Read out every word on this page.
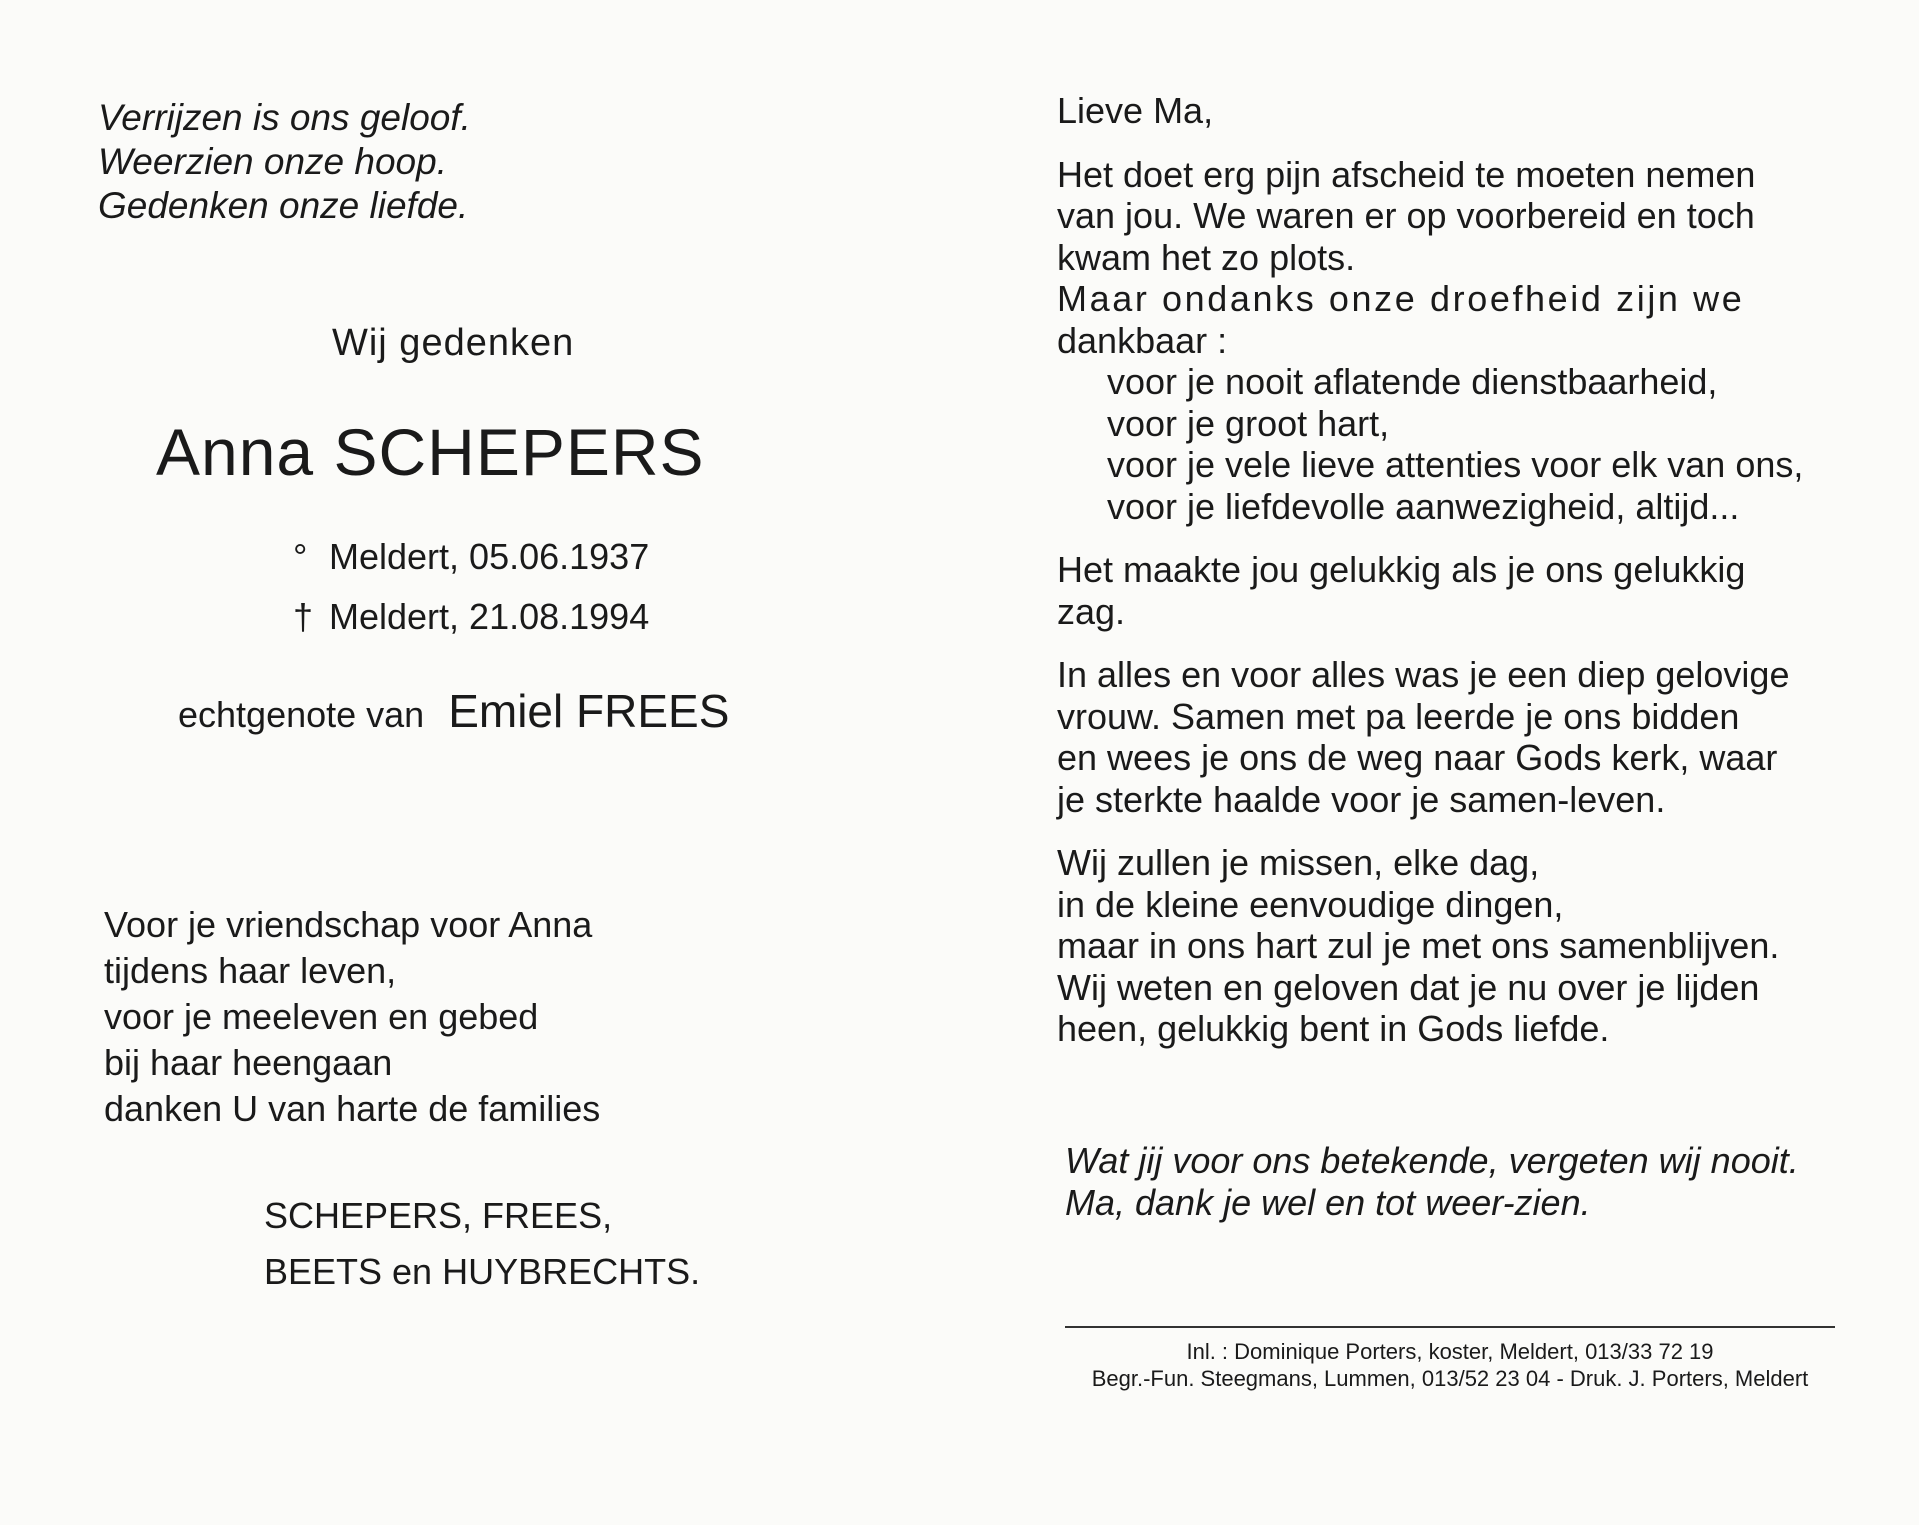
Verrijzen is ons geloof.
Weerzien onze hoop.
Gedenken onze liefde.
Wij gedenken
Anna SCHEPERS
° Meldert, 05.06.1937
† Meldert, 21.08.1994
echtgenote van Emiel FREES
Voor je vriendschap voor Anna
tijdens haar leven,
voor je meeleven en gebed
bij haar heengaan
danken U van harte de families
SCHEPERS, FREES,
BEETS en HUYBRECHTS.
Lieve Ma,
Het doet erg pijn afscheid te moeten nemen
van jou. We waren er op voorbereid en toch
kwam het zo plots.
Maar ondanks onze droefheid zijn we
dankbaar :
voor je nooit aflatende dienstbaarheid,
voor je groot hart,
voor je vele lieve attenties voor elk van ons,
voor je liefdevolle aanwezigheid, altijd...
Het maakte jou gelukkig als je ons gelukkig
zag.
In alles en voor alles was je een diep gelovige
vrouw. Samen met pa leerde je ons bidden
en wees je ons de weg naar Gods kerk, waar
je sterkte haalde voor je samen-leven.
Wij zullen je missen, elke dag,
in de kleine eenvoudige dingen,
maar in ons hart zul je met ons samenblijven.
Wij weten en geloven dat je nu over je lijden
heen, gelukkig bent in Gods liefde.
Wat jij voor ons betekende, vergeten wij nooit.
Ma, dank je wel en tot weer-zien.
Inl. : Dominique Porters, koster, Meldert, 013/33 72 19
Begr.-Fun. Steegmans, Lummen, 013/52 23 04 - Druk. J. Porters, Meldert
